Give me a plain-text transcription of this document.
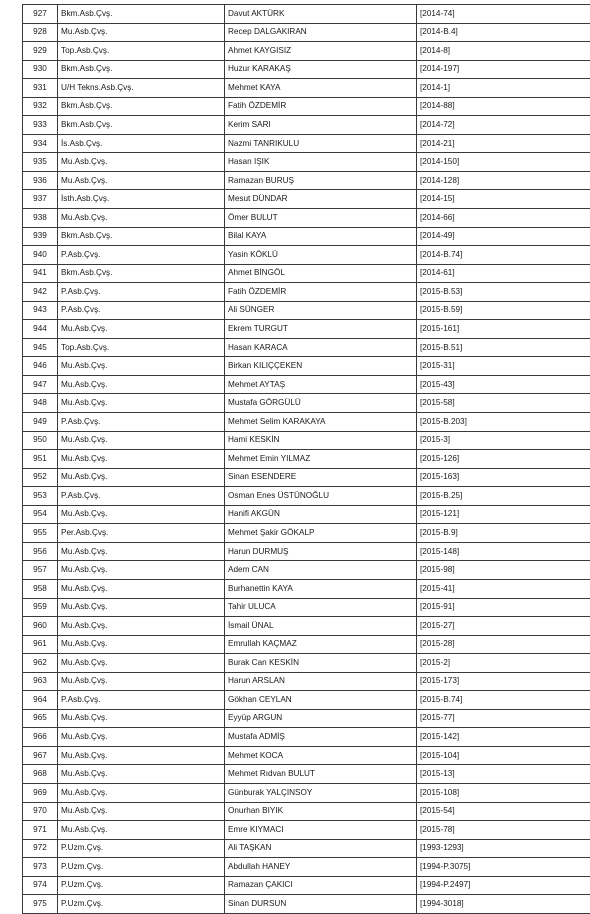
927	Bkm.Asb.Çvş.	Davut AKTÜRK	[2014-74]
928	Mu.Asb.Çvş.	Recep DALGAKIRAN	[2014-B.4]
929	Top.Asb.Çvş.	Ahmet KAYGISIZ	[2014-8]
930	Bkm.Asb.Çvş.	Huzur KARAKAŞ	[2014-197]
931	U/H Tekns.Asb.Çvş.	Mehmet KAYA	[2014-1]
932	Bkm.Asb.Çvş.	Fatih ÖZDEMİR	[2014-88]
933	Bkm.Asb.Çvş.	Kerim SARI	[2014-72]
934	İs.Asb.Çvş.	Nazmi TANRIKULU	[2014-21]
935	Mu.Asb.Çvş.	Hasan IŞIK	[2014-150]
936	Mu.Asb.Çvş.	Ramazan BURUŞ	[2014-128]
937	İsth.Asb.Çvş.	Mesut DÜNDAR	[2014-15]
938	Mu.Asb.Çvş.	Ömer BULUT	[2014-66]
939	Bkm.Asb.Çvş.	Bilal KAYA	[2014-49]
940	P.Asb.Çvş.	Yasin KÖKLÜ	[2014-B.74]
941	Bkm.Asb.Çvş.	Ahmet BİNGÖL	[2014-61]
942	P.Asb.Çvş.	Fatih ÖZDEMİR	[2015-B.53]
943	P.Asb.Çvş.	Ali SÜNGER	[2015-B.59]
944	Mu.Asb.Çvş.	Ekrem TURGUT	[2015-161]
945	Top.Asb.Çvş.	Hasan KARACA	[2015-B.51]
946	Mu.Asb.Çvş.	Birkan KILIÇÇEKEN	[2015-31]
947	Mu.Asb.Çvş.	Mehmet AYTAŞ	[2015-43]
948	Mu.Asb.Çvş.	Mustafa GÖRGÜLÜ	[2015-58]
949	P.Asb.Çvş.	Mehmet Selim KARAKAYA	[2015-B.203]
950	Mu.Asb.Çvş.	Hami KESKİN	[2015-3]
951	Mu.Asb.Çvş.	Mehmet Emin YILMAZ	[2015-126]
952	Mu.Asb.Çvş.	Sinan ESENDERE	[2015-163]
953	P.Asb.Çvş.	Osman Enes ÜSTÜNOĞLU	[2015-B.25]
954	Mu.Asb.Çvş.	Hanifi AKGÜN	[2015-121]
955	Per.Asb.Çvş.	Mehmet Şakir GÖKALP	[2015-B.9]
956	Mu.Asb.Çvş.	Harun DURMUŞ	[2015-148]
957	Mu.Asb.Çvş.	Adem CAN	[2015-98]
958	Mu.Asb.Çvş.	Burhanettin KAYA	[2015-41]
959	Mu.Asb.Çvş.	Tahir ULUCA	[2015-91]
960	Mu.Asb.Çvş.	İsmail ÜNAL	[2015-27]
961	Mu.Asb.Çvş.	Emrullah KAÇMAZ	[2015-28]
962	Mu.Asb.Çvş.	Burak Can KESKİN	[2015-2]
963	Mu.Asb.Çvş.	Harun ARSLAN	[2015-173]
964	P.Asb.Çvş.	Gökhan CEYLAN	[2015-B.74]
965	Mu.Asb.Çvş.	Eyyüp ARGUN	[2015-77]
966	Mu.Asb.Çvş.	Mustafa ADMİŞ	[2015-142]
967	Mu.Asb.Çvş.	Mehmet KOCA	[2015-104]
968	Mu.Asb.Çvş.	Mehmet Rıdvan BULUT	[2015-13]
969	Mu.Asb.Çvş.	Günburak YALÇINSOY	[2015-108]
970	Mu.Asb.Çvş.	Onurhan BIYIK	[2015-54]
971	Mu.Asb.Çvş.	Emre KIYMACI	[2015-78]
972	P.Uzm.Çvş.	Ali TAŞKAN	[1993-1293]
973	P.Uzm.Çvş.	Abdullah HANEY	[1994-P.3075]
974	P.Uzm.Çvş.	Ramazan ÇAKICI	[1994-P.2497]
975	P.Uzm.Çvş.	Sinan DURSUN	[1994-3018]
